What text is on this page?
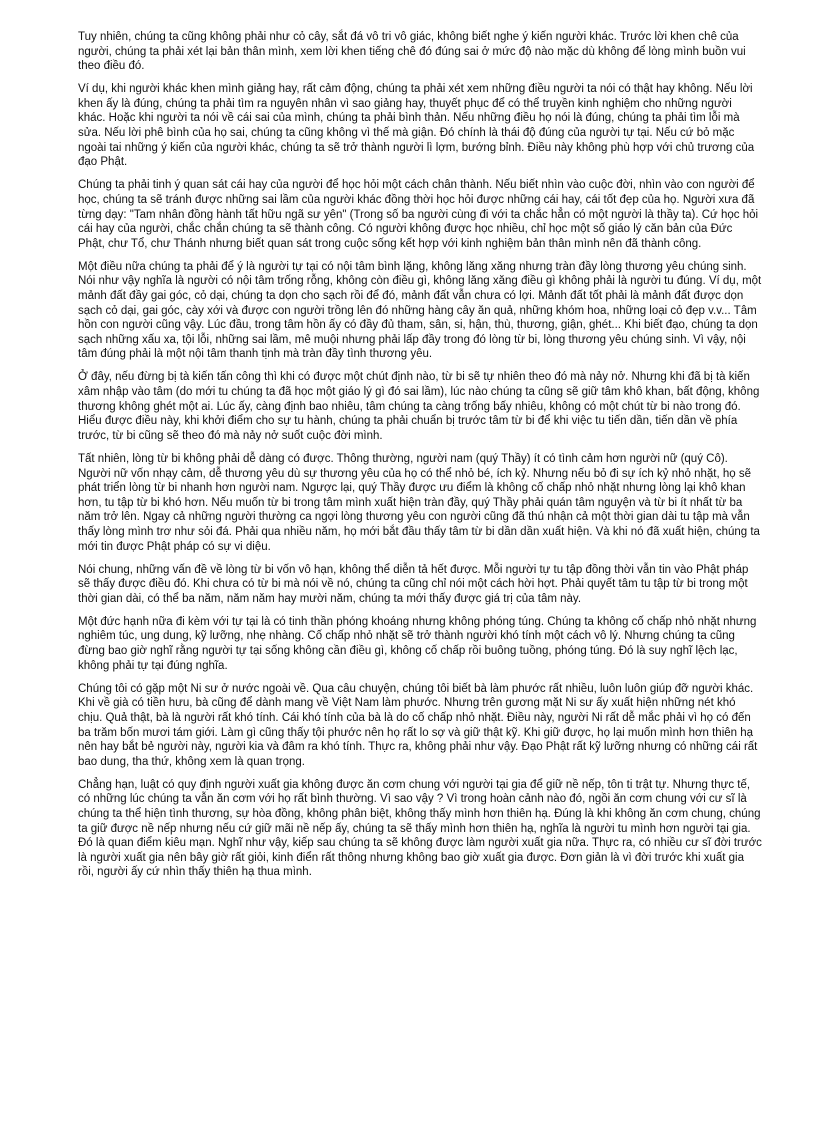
Tuy nhiên, chúng ta cũng không phải như cỏ cây, sắt đá vô tri vô giác, không biết nghe ý kiến người khác. Trước lời khen chê của người, chúng ta phải xét lại bản thân mình, xem lời khen tiếng chê đó đúng sai ở mức độ nào mặc dù không để lòng mình buồn vui theo điều đó.

Ví dụ, khi người khác khen mình giảng hay, rất cảm động, chúng ta phải xét xem những điều người ta nói có thật hay không. Nếu lời khen ấy là đúng, chúng ta phải tìm ra nguyên nhân vì sao giảng hay, thuyết phục để có thể truyền kinh nghiệm cho những người khác. Hoặc khi người ta nói về cái sai của mình, chúng ta phải bình thản. Nếu những điều họ nói là đúng, chúng ta phải tìm lỗi mà sửa. Nếu lời phê bình của họ sai, chúng ta cũng không vì thế mà giận. Đó chính là thái độ đúng của người tự tại. Nếu cứ bỏ mặc ngoài tai những ý kiến của người khác, chúng ta sẽ trở thành người lì lợm, bướng bỉnh. Điều này không phù hợp với chủ trương của đạo Phật.

Chúng ta phải tinh ý quan sát cái hay của người để học hỏi một cách chân thành. Nếu biết nhìn vào cuộc đời, nhìn vào con người để học, chúng ta sẽ tránh được những sai lầm của người khác đồng thời học hỏi được những cái hay, cái tốt đẹp của họ. Người xưa đã từng dạy: "Tam nhân đồng hành tất hữu ngã sư yên" (Trong số ba người cùng đi với ta chắc hẳn có một người là thầy ta). Cứ học hỏi cái hay của người, chắc chắn chúng ta sẽ thành công. Có người không được học nhiều, chỉ học một số giáo lý căn bản của Đức Phật, chư Tổ, chư Thánh nhưng biết quan sát trong cuộc sống kết hợp với kinh nghiệm bản thân mình nên đã thành công.

Một điều nữa chúng ta phải để ý là người tự tại có nội tâm bình lặng, không lăng xăng nhưng tràn đầy lòng thương yêu chúng sinh. Nói như vậy nghĩa là người có nội tâm trống rỗng, không còn điều gì, không lăng xăng điều gì không phải là người tu đúng. Ví dụ, một mảnh đất đầy gai góc, cỏ dại, chúng ta dọn cho sạch rồi để đó, mảnh đất vẫn chưa có lợi. Mảnh đất tốt phải là mảnh đất được dọn sạch cỏ dại, gai góc, cày xới và được con người trồng lên đó những hàng cây ăn quả, những khóm hoa, những loại cỏ đẹp v.v... Tâm hồn con người cũng vậy. Lúc đầu, trong tâm hồn ấy có đầy đủ tham, sân, si, hận, thù, thương, giận, ghét... Khi biết đạo, chúng ta dọn sạch những xấu xa, tội lỗi, những sai lầm, mê muội nhưng phải lấp đầy trong đó lòng từ bi, lòng thương yêu chúng sinh. Vì vậy, nội tâm đúng phải là một nội tâm thanh tịnh mà tràn đầy tình thương yêu.

Ở đây, nếu đừng bị tà kiến tấn công thì khi có được một chút định nào, từ bi sẽ tự nhiên theo đó mà nảy nở. Nhưng khi đã bị tà kiến xâm nhập vào tâm (do mới tu chúng ta đã học một giáo lý gì đó sai lầm), lúc nào chúng ta cũng sẽ giữ tâm khô khan, bất động, không thương không ghét một ai. Lúc ấy, càng định bao nhiêu, tâm chúng ta càng trống bấy nhiêu, không có một chút từ bi nào trong đó. Hiểu được điều này, khi khởi điểm cho sự tu hành, chúng ta phải chuẩn bị trước tâm từ bi để khi việc tu tiến dần, tiến dần về phía trước, từ bi cũng sẽ theo đó mà nảy nở suốt cuộc đời mình.

Tất nhiên, lòng từ bi không phải dễ dàng có được. Thông thường, người nam (quý Thầy) ít có tình cảm hơn người nữ (quý Cô). Người nữ vốn nhạy cảm, dễ thương yêu dù sự thương yêu của họ có thể nhỏ bé, ích kỷ. Nhưng nếu bỏ đi sự ích kỷ nhỏ nhặt, họ sẽ phát triển lòng từ bi nhanh hơn người nam. Ngược lại, quý Thầy được ưu điểm là không cố chấp nhỏ nhặt nhưng lòng lại khô khan hơn, tu tập từ bi khó hơn. Nếu muốn từ bi trong tâm mình xuất hiện tràn đầy, quý Thầy phải quán tâm nguyện và từ bi ít nhất từ ba năm trở lên. Ngay cả những người thường ca ngợi lòng thương yêu con người cũng đã thú nhận cả một thời gian dài tu tập mà vẫn thấy lòng mình trơ như sỏi đá. Phải qua nhiều năm, họ mới bắt đầu thấy tâm từ bi dần dần xuất hiện. Và khi nó đã xuất hiện, chúng ta mới tin được Phật pháp có sự vi diệu.

Nói chung, những vấn đề về lòng từ bi vốn vô hạn, không thể diễn tả hết được. Mỗi người tự tu tập đồng thời vẫn tin vào Phật pháp sẽ thấy được điều đó. Khi chưa có từ bi mà nói về nó, chúng ta cũng chỉ nói một cách hời hợt. Phải quyết tâm tu tập từ bi trong một thời gian dài, có thể ba năm, năm năm hay mười năm, chúng ta mới thấy được giá trị của tâm này.

Một đức hạnh nữa đi kèm với tự tại là có tinh thần phóng khoáng nhưng không phóng túng. Chúng ta không cố chấp nhỏ nhặt nhưng nghiêm túc, ung dung, kỹ lưỡng, nhẹ nhàng. Cố chấp nhỏ nhặt sẽ trở thành người khó tính một cách vô lý. Nhưng chúng ta cũng đừng bao giờ nghĩ rằng người tự tại sống không cần điều gì, không cố chấp rồi buông tuồng, phóng túng. Đó là suy nghĩ lệch lạc, không phải tự tại đúng nghĩa.

Chúng tôi có gặp một Ni sư ở nước ngoài về. Qua câu chuyện, chúng tôi biết bà làm phước rất nhiều, luôn luôn giúp đỡ người khác. Khi về già có tiền hưu, bà cũng để dành mang về Việt Nam làm phước. Nhưng trên gương mặt Ni sư ấy xuất hiện những nét khó chịu. Quả thật, bà là người rất khó tính. Cái khó tính của bà là do cố chấp nhỏ nhặt. Điều này, người Ni rất dễ mắc phải vì họ có đến ba trăm bốn mươi tám giới. Làm gì cũng thấy tội phước nên họ rất lo sợ và giữ thật kỹ. Khi giữ được, họ lại muốn mình hơn thiên hạ nên hay bắt bẻ người này, người kia và đâm ra khó tính. Thực ra, không phải như vậy. Đạo Phật rất kỹ lưỡng nhưng có những cái rất bao dung, tha thứ, không xem là quan trọng.

Chẳng hạn, luật có quy định người xuất gia không được ăn cơm chung với người tại gia để giữ nề nếp, tôn ti trật tự. Nhưng thực tế, có những lúc chúng ta vẫn ăn cơm với họ rất bình thường. Vì sao vậy ? Vì trong hoàn cảnh nào đó, ngồi ăn cơm chung với cư sĩ là chúng ta thể hiện tình thương, sự hòa đồng, không phân biệt, không thấy mình hơn thiên hạ. Đúng là khi không ăn cơm chung, chúng ta giữ được nề nếp nhưng nếu cứ giữ mãi nề nếp ấy, chúng ta sẽ thấy mình hơn thiên hạ, nghĩa là người tu mình hơn người tại gia. Đó là quan điểm kiêu mạn. Nghĩ như vậy, kiếp sau chúng ta sẽ không được làm người xuất gia nữa. Thực ra, có nhiều cư sĩ đời trước là người xuất gia nên bây giờ rất giỏi, kinh điển rất thông nhưng không bao giờ xuất gia được. Đơn giản là vì đời trước khi xuất gia rồi, người ấy cứ nhìn thấy thiên hạ thua mình.
